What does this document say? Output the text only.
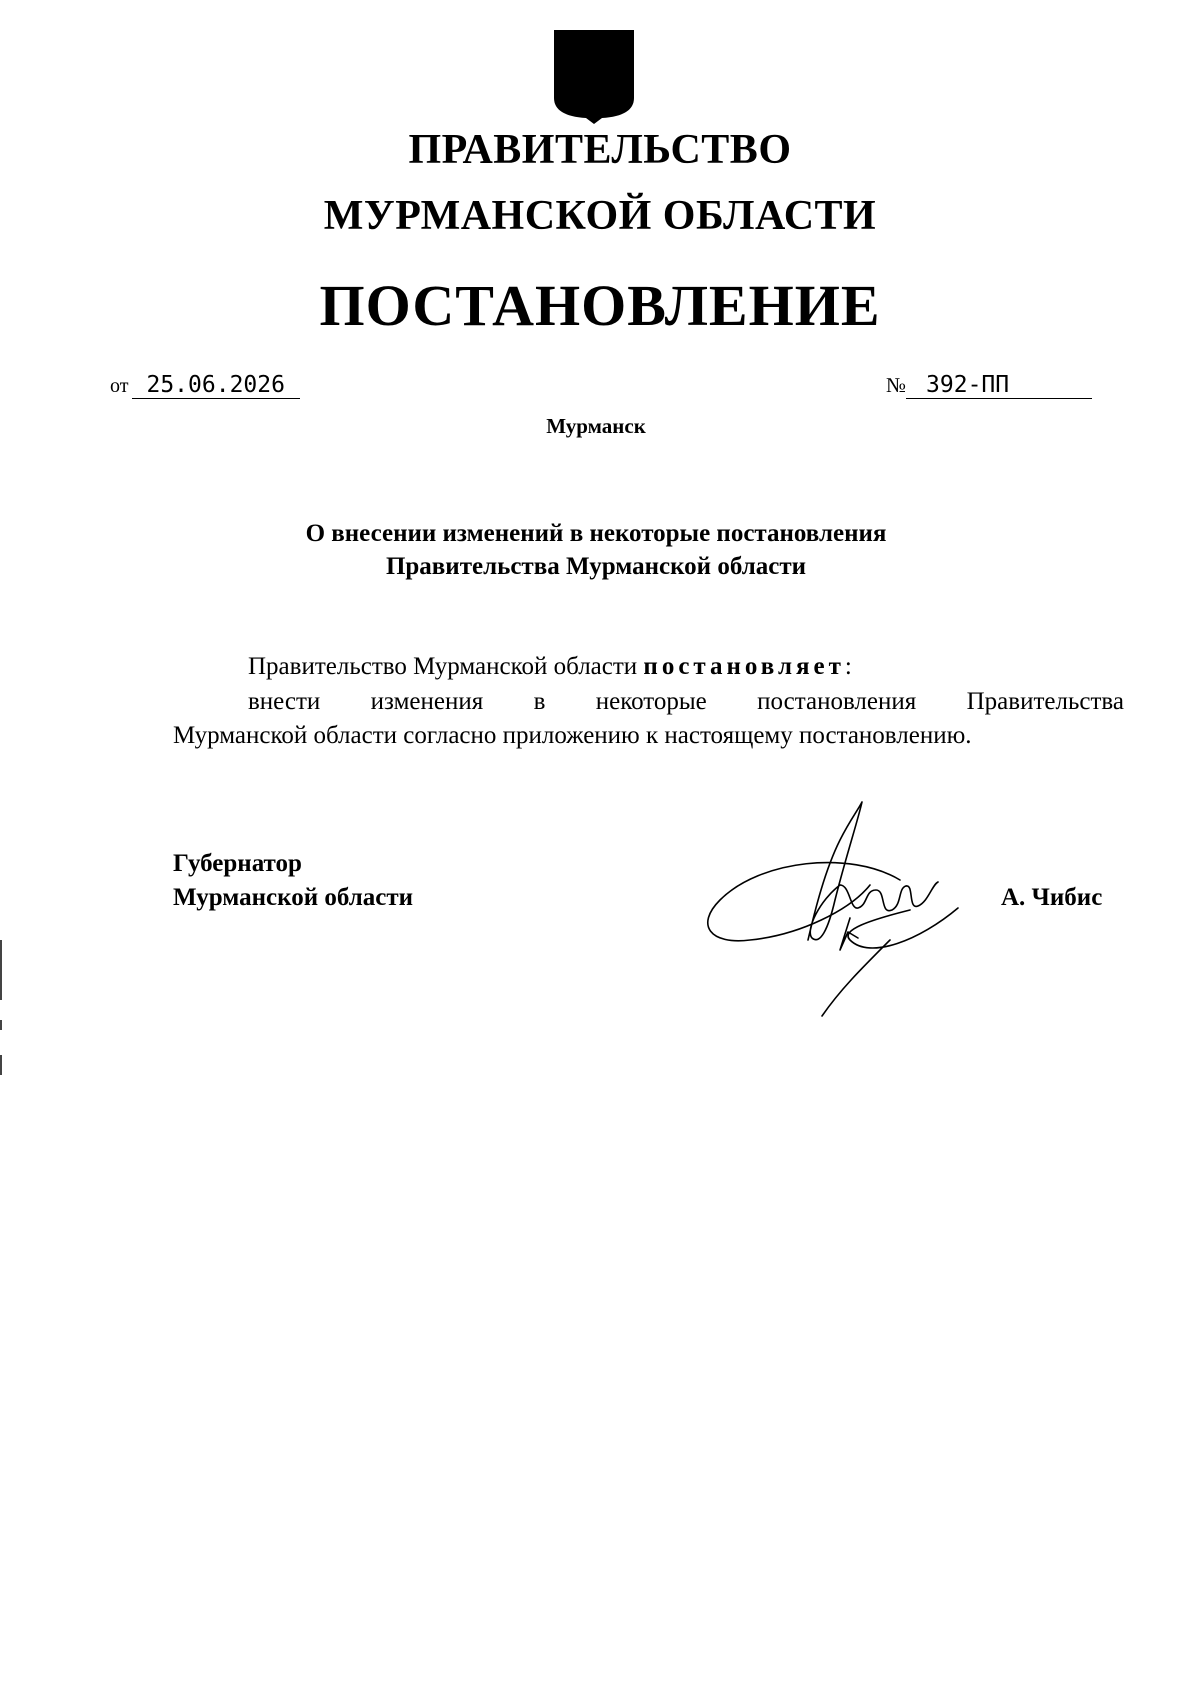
ПРАВИТЕЛЬСТВО
МУРМАНСКОЙ ОБЛАСТИ
ПОСТАНОВЛЕНИЕ
от 25.06.2026	№ 392-ПП
Мурманск
О внесении изменений в некоторые постановления
Правительства Мурманской области
Правительство Мурманской области постановляет:
внести изменения в некоторые постановления Правительства
Мурманской области согласно приложению к настоящему постановлению.
Губернатор
Мурманской области	А. Чибис
